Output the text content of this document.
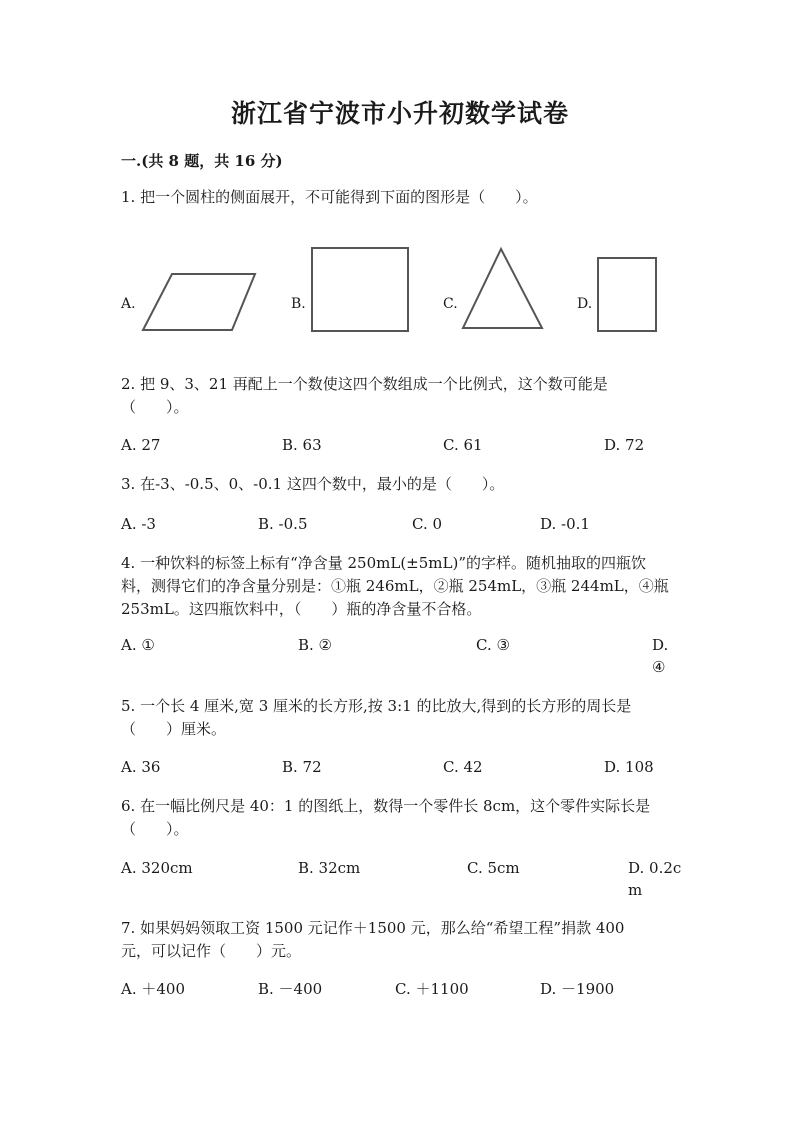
浙江省宁波市小升初数学试卷
一.(共 8 题，共 16 分)
1. 把一个圆柱的侧面展开，不可能得到下面的图形是（　　）。
A.	B.	C.	D.
2. 把 9、3、21 再配上一个数使这四个数组成一个比例式，这个数可能是
（　　）。
A. 27	B. 63	C. 61	D. 72
3. 在-3、-0.5、0、-0.1 这四个数中，最小的是（　　）。
A. -3	B. -0.5	C. 0	D. -0.1
4. 一种饮料的标签上标有“净含量 250mL(±5mL)”的字样。随机抽取的四瓶饮
料，测得它们的净含量分别是：①瓶 246mL，②瓶 254mL，③瓶 244mL，④瓶
253mL。这四瓶饮料中，（　　）瓶的净含量不合格。
A. ①	B. ②	C. ③	D.
④
5. 一个长 4 厘米,宽 3 厘米的长方形,按 3:1 的比放大,得到的长方形的周长是
（　　）厘米。
A. 36	B. 72	C. 42	D. 108
6. 在一幅比例尺是 40：1 的图纸上，数得一个零件长 8cm，这个零件实际长是
（　　）。
A. 320cm	B. 32cm	C. 5cm	D. 0.2c
m
7. 如果妈妈领取工资 1500 元记作＋1500 元，那么给“希望工程”捐款 400
元，可以记作（　　）元。
A. ＋400	B. －400	C. ＋1100	D. －1900
